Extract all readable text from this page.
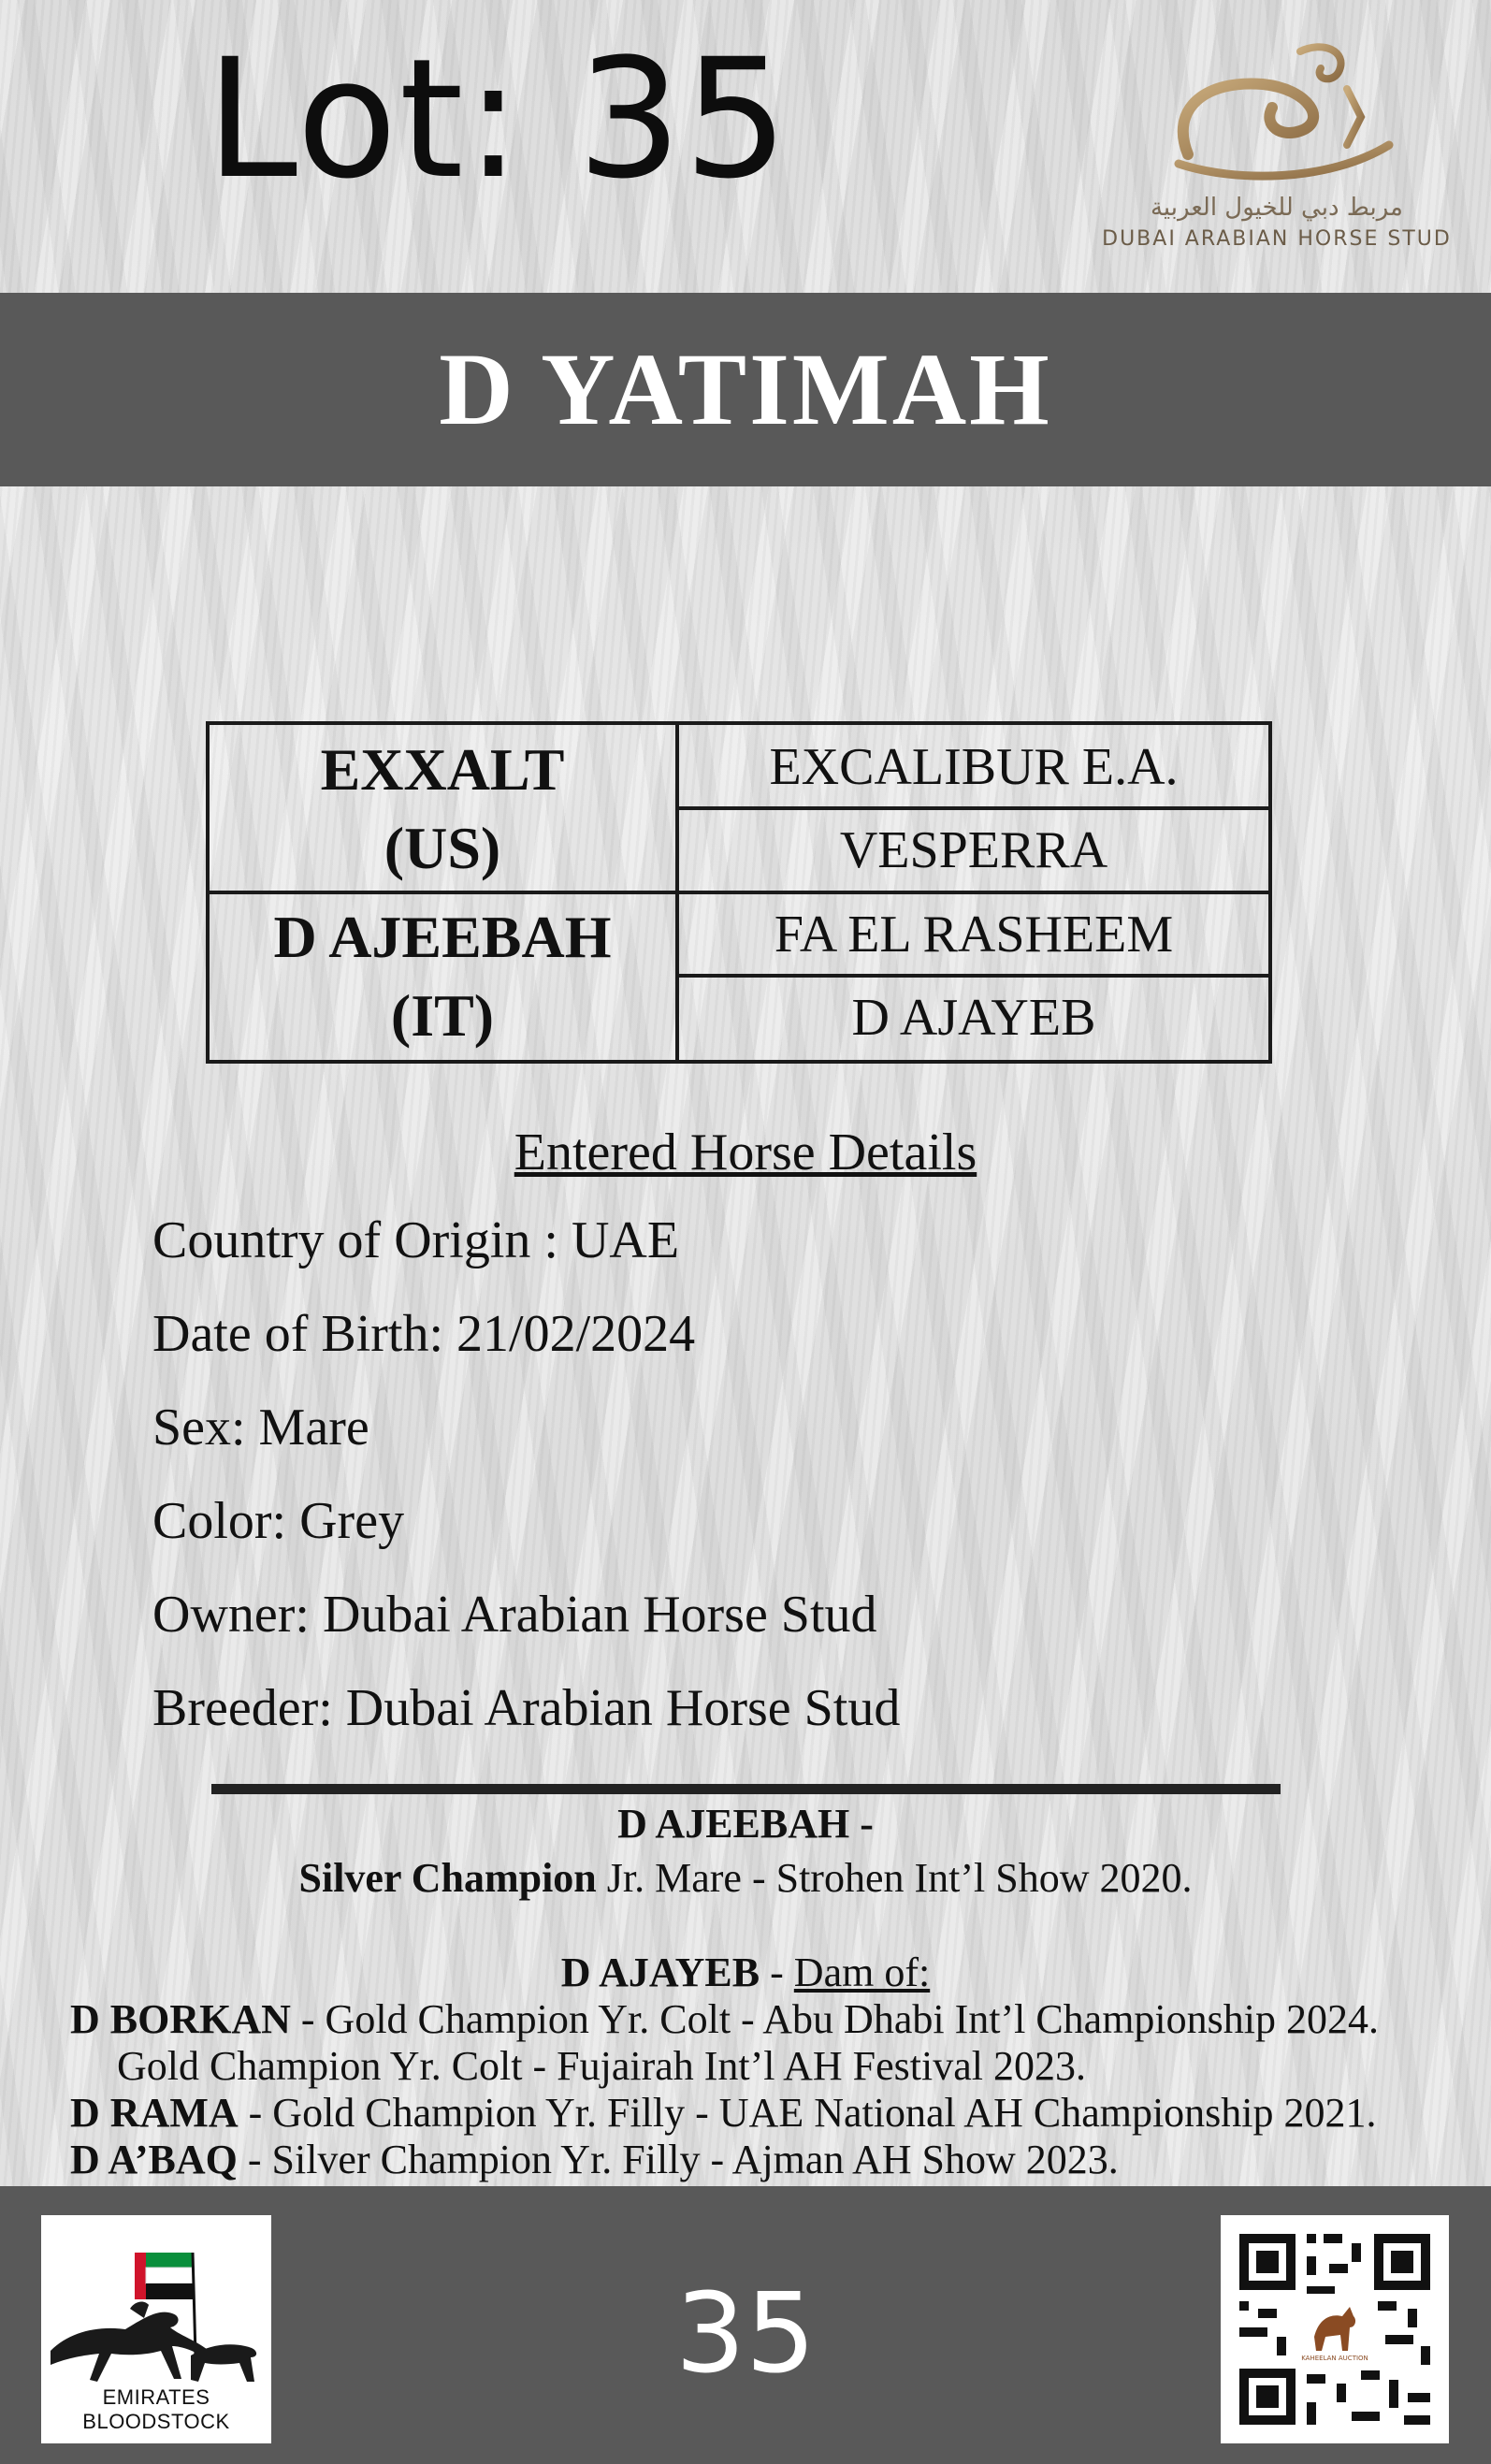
Lot: 35	مربط دبي للخيول العربية
DUBAI ARABIAN HORSE STUD
D YATIMAH
EXXALT
(US)
D AJEEBAH
(IT)
EXCALIBUR E.A.
VESPERRA
FA EL RASHEEM
D AJAYEB
Entered Horse Details
Country of Origin : UAE
Date of Birth: 21/02/2024
Sex: Mare
Color: Grey
Owner: Dubai Arabian Horse Stud
Breeder: Dubai Arabian Horse Stud
D AJEEBAH -
Silver Champion Jr. Mare - Strohen Int’l Show 2020.
D AJAYEB - Dam of:
D BORKAN - Gold Champion Yr. Colt - Abu Dhabi Int’l Championship 2024.
Gold Champion Yr. Colt - Fujairah Int’l AH Festival 2023.
D RAMA - Gold Champion Yr. Filly - UAE National AH Championship 2021.
D A’BAQ - Silver Champion Yr. Filly - Ajman AH Show 2023.
EMIRATES BLOODSTOCK
35	KAHEELAN AUCTION
